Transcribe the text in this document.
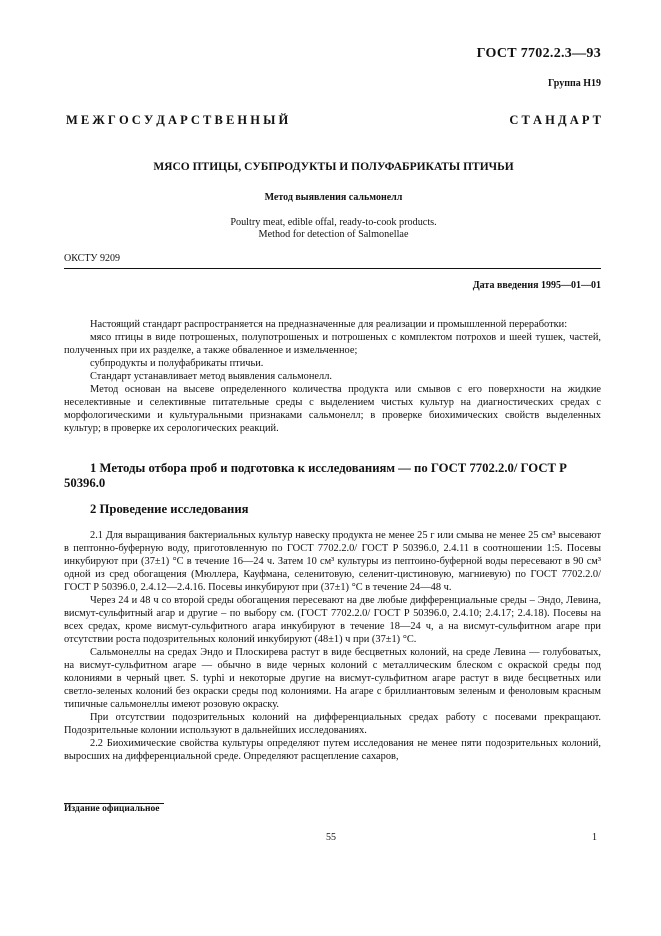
ГОСТ 7702.2.3—93
Группа Н19
М Е Ж Г О С У Д А Р С Т В Е Н Н Ы Й	С Т А Н Д А Р Т
МЯСО ПТИЦЫ, СУБПРОДУКТЫ И ПОЛУФАБРИКАТЫ ПТИЧЬИ
Метод выявления сальмонелл
Poultry meat, edible offal, ready-to-cook products.
Method for detection of Salmonellae
ОКСТУ 9209
Дата введения 1995—01—01

Настоящий стандарт распространяется на предназначенные для реализации и промышленной переработки:

мясо птицы в виде потрошеных, полупотрошеных и потрошеных с комплектом потрохов и шеей тушек, частей, полученных при их разделке, а также обваленное и измельченное;

субпродукты и полуфабрикаты птичьи.

Стандарт устанавливает метод выявления сальмонелл.

Метод основан на высеве определенного количества продукта или смывов с его поверхности на жидкие неселективные и селективные питательные среды с выделением чистых культур на диагностических средах с морфологическими и культуральными признаками сальмонелл; в проверке биохимических свойств выделенных культур; в проверке их серологических реакций.

1 Методы отбора проб и подготовка к исследованиям — по ГОСТ 7702.2.0/ ГОСТ Р 50396.0
2 Проведение исследования

2.1 Для выращивания бактериальных культур навеску продукта не менее 25 г или смыва не менее 25 см³ высевают в пептонно-буферную воду, приготовленную по ГОСТ 7702.2.0/ ГОСТ Р 50396.0, 2.4.11 в соотношении 1:5. Посевы инкубируют при (37±1) °С в течение 16—24 ч. Затем 10 см³ культуры из пептоино-буферной воды пересевают в 90 см³ одной из сред обогащения (Мюллера, Кауфмана, селенитовую, селенит-цистиновую, магниевую) по ГОСТ 7702.2.0/ГОСТ Р 50396.0, 2.4.12—2.4.16. Посевы инкубируют при (37±1) °С в течение 24—48 ч.

Через 24 и 48 ч со второй среды обогащения пересевают на две любые дифференциальные среды – Эндо, Левина, висмут-сульфитный агар и другие – по выбору см. (ГОСТ 7702.2.0/ ГОСТ Р 50396.0, 2.4.10; 2.4.17; 2.4.18). Посевы на всех средах, кроме висмут-сульфитного агара инкубируют в течение 18—24 ч, а на висмут-сульфитном агаре при отсутствии роста подозрительных колоний инкубируют (48±1) ч при (37±1) °С.

Сальмонеллы на средах Эндо и Плоскирева растут в виде бесцветных колоний, на среде Левина — голубоватых, на висмут-сульфитном агаре — обычно в виде черных колоний с металлическим блеском с окраской среды под колониями в черный цвет. S. typhi и некоторые другие на висмут-сульфитном агаре растут в виде бесцветных или светло-зеленых колоний без окраски среды под колониями. На агаре с бриллиантовым зеленым и феноловым красным типичные сальмонеллы имеют розовую окраску.

При отсутствии подозрительных колоний на дифференциальных средах работу с посевами прекращают. Подозрительные колонии используют в дальнейших исследованиях.

2.2 Биохимические свойства культуры определяют путем исследования не менее пяти подозрительных колоний, выросших на дифференциальной среде. Определяют расщепление сахаров,

Издание официальное
55	1
